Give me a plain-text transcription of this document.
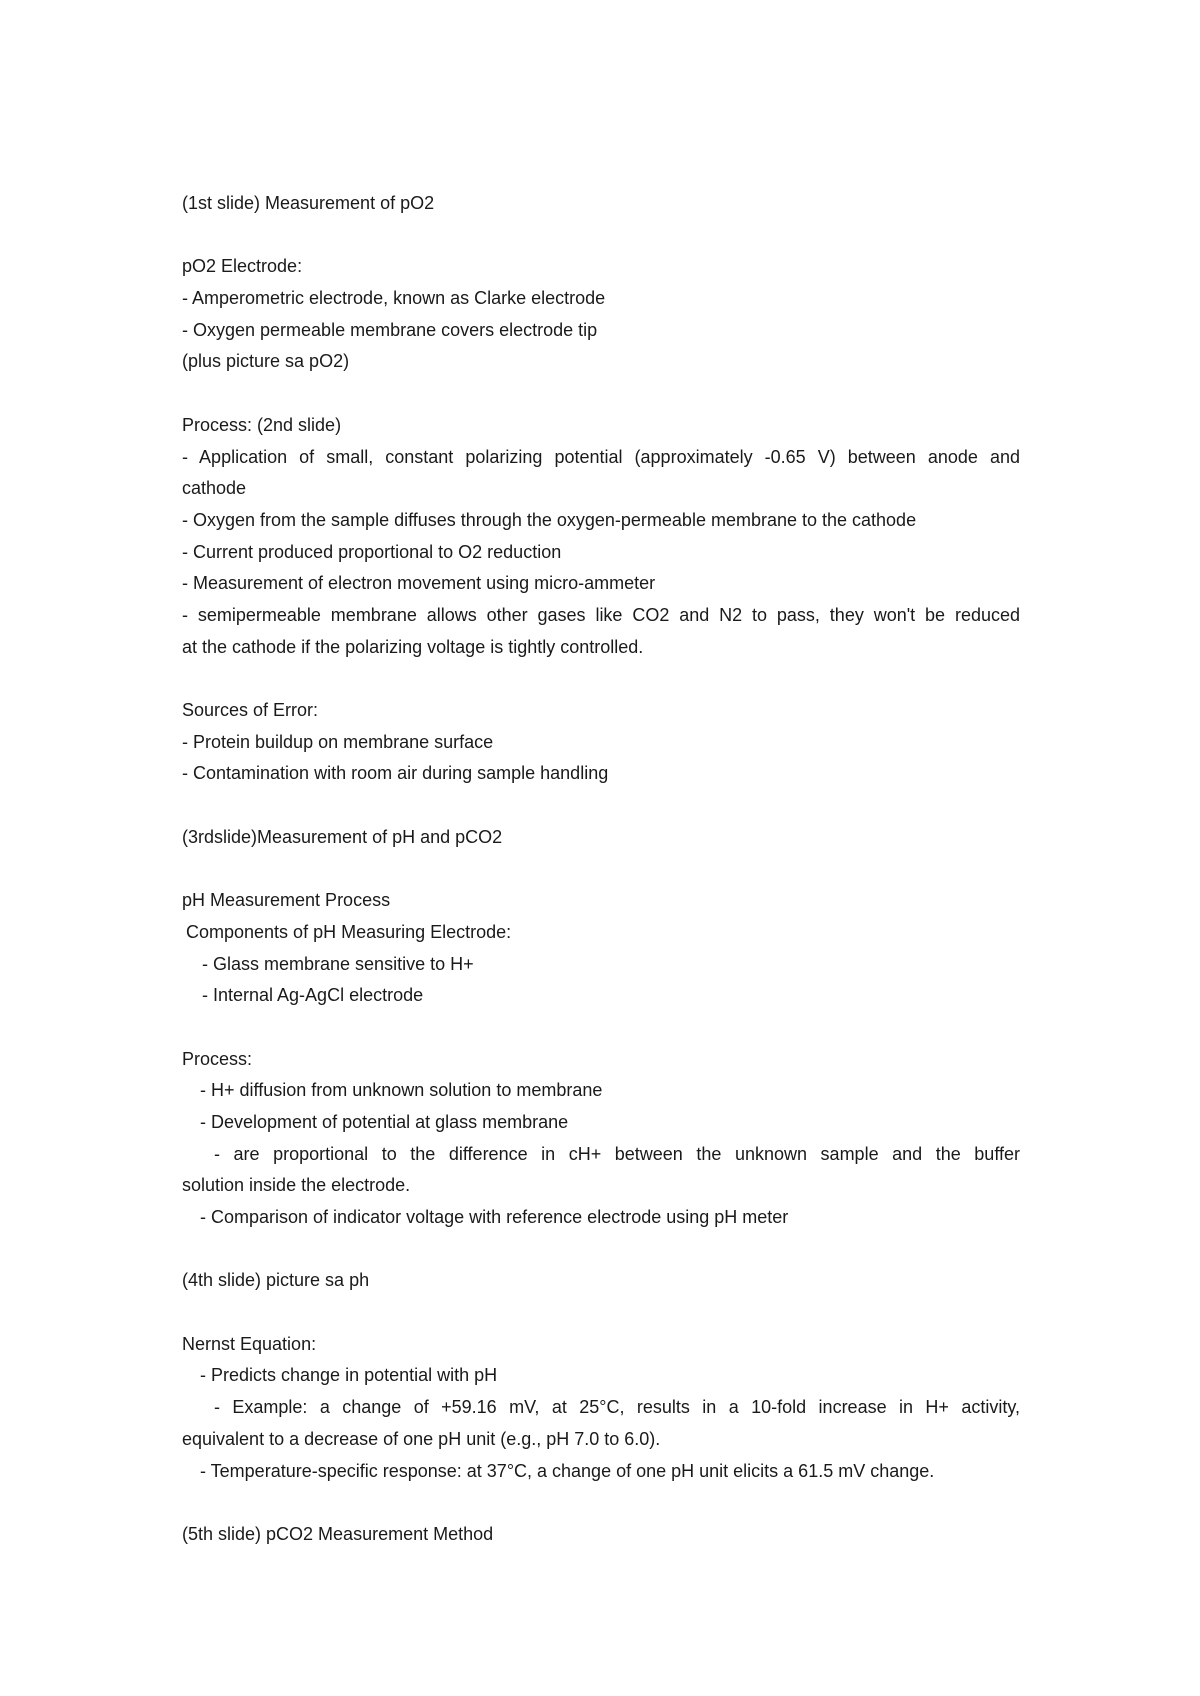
(1st slide) Measurement of pO2

pO2 Electrode:

- Amperometric electrode, known as Clarke electrode

- Oxygen permeable membrane covers electrode tip

(plus picture sa pO2)

Process: (2nd slide)

- Application of small, constant polarizing potential (approximately -0.65 V) between anode and

cathode

- Oxygen from the sample diffuses through the oxygen-permeable membrane to the cathode

- Current produced proportional to O2 reduction

- Measurement of electron movement using micro-ammeter

- semipermeable membrane allows other gases like CO2 and N2 to pass, they won't be reduced

at the cathode if the polarizing voltage is tightly controlled.

Sources of Error:

- Protein buildup on membrane surface

- Contamination with room air during sample handling

(3rdslide)Measurement of pH and pCO2

pH Measurement Process

Components of pH Measuring Electrode:

- Glass membrane sensitive to H+

- Internal Ag-AgCl electrode

Process:

- H+ diffusion from unknown solution to membrane

- Development of potential at glass membrane

- are proportional to the difference in cH+ between the unknown sample and the buffer

solution inside the electrode.

- Comparison of indicator voltage with reference electrode using pH meter

(4th slide) picture sa ph

Nernst Equation:

- Predicts change in potential with pH

- Example: a change of +59.16 mV, at 25°C, results in a 10-fold increase in H+ activity,

equivalent to a decrease of one pH unit (e.g., pH 7.0 to 6.0).

- Temperature-specific response: at 37°C, a change of one pH unit elicits a 61.5 mV change.

(5th slide) pCO2 Measurement Method
